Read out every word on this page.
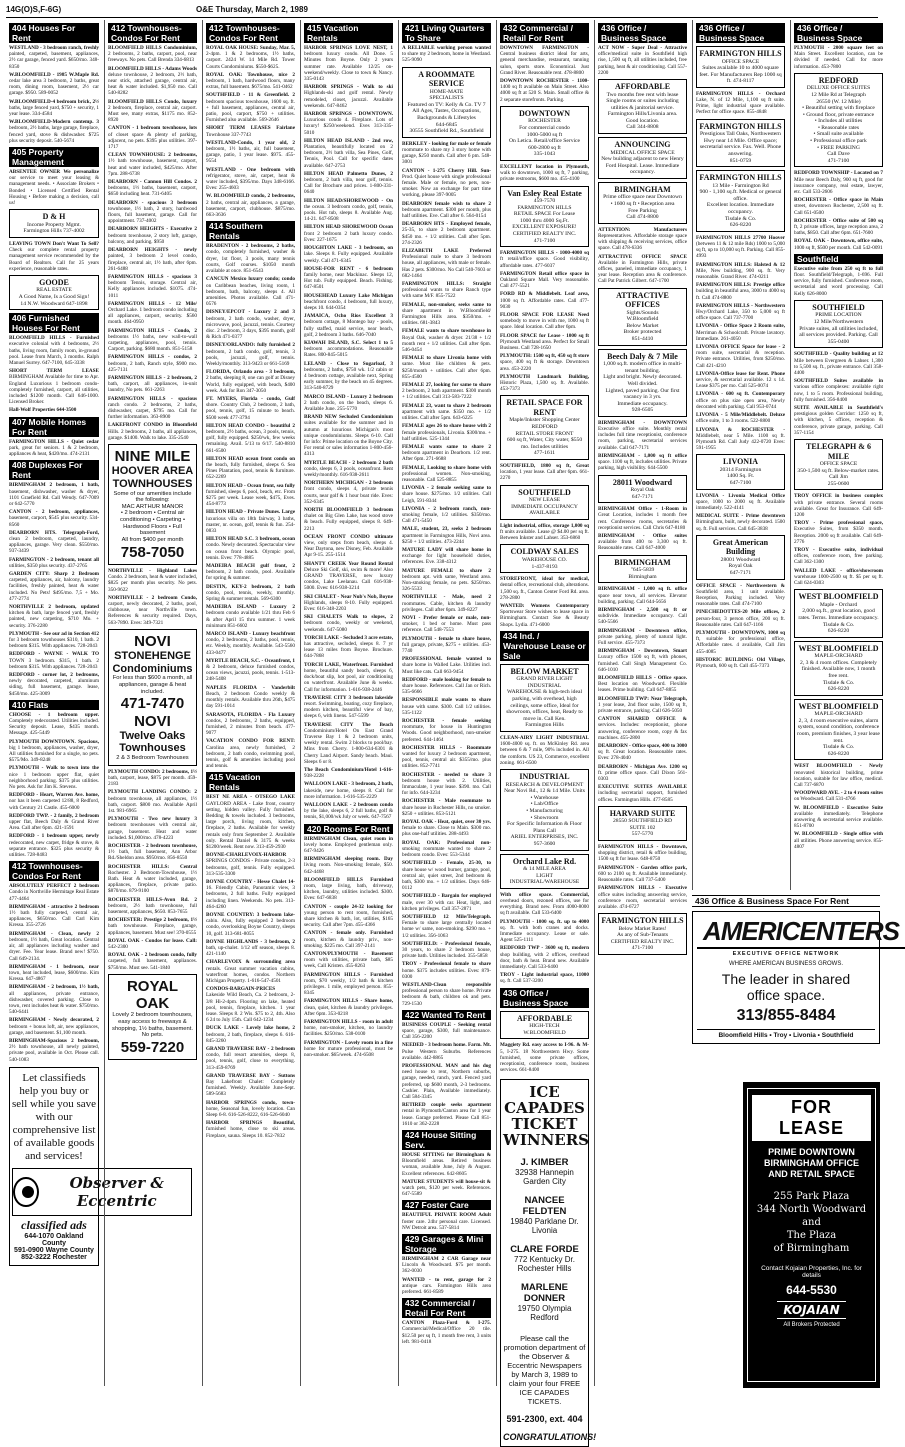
14G(O)S,F-6G)	O&E Thursday, March 2, 1989
404 Houses For Rent
WESTLAND - 3 bedroom ranch, freshly painted, carpeted, basement, appliances, 2½ car garage, fenced yard. $650/mo. 348-8350
W.BLOOMFIELD - 1985 W.Maple Rd. cedar lake area 3 bedroom, 2 baths, great room, dining room, basement, 2½ car garage. $950. 589-0052
W.BLOOMFIELD-4 bedroom brick, 2½ baths, large fenced yard, $750 + security, 1 year lease. 334-4584
W.BLOOMFIELD-Modern contemp. 3 bedroom, 2½ baths, large garage, fireplace, fenced yard, stove & dishwasher. $725 plus security deposit. 540-5674
405 Property Management
ABSENTEE OWNER We personalize our service to meet your leasing & management needs. • Associate Brokers • Bonded • Licensed Certified Rental Housing • Before making a decision, call us!
D & H
Income Property Mgmt.
Farmington Hills 737-4002
LEAVING TOWN Don't Want To Sell? Check our complete rental property management service recommended by the Board of Realtors. Call for 25 years experience, reasonable rates.
GOODE
REAL ESTATE
A Good Name, Is a Good Sign!
14 N.W. Woodward 647-1898
406 Furnished Houses For Rent
BLOOMFIELD HILLS - Furnished executive colonial with 4 bedrooms, 2½ baths, living room, family room, in-ground pool. Lease from March, 3 months. Ralph Manuel Surrey. 647-7100, 645-3338
SHORT TERM LEASE BIRMINGHAM Available for time to Apr. England Luxurious 1 bedroom condo-completely furnished, carport, all utilities, included $1200 month. Call 646-1000. Licensed Broker.
Hall-Wolf Properties 644-3500
407 Mobile Homes For Rent
FARMINGTON HILLS - Quiet cedar park, great for seniors. 1 & 2 bedroom, appliances & heat, $420/mo. 474-2131
408 Duplexes For Rent
BIRMINGHAM 2 bedroom, 1 bath, basement, dishwasher, washer & dryer, 1101 Graefield Rd. Call Wendy. 647-7009 or 642-5770
CANTON - 2 bedroom, appliances, basement, carport, $545 plus security. 534-8560
DEARBORN HTS. Telegraph-Ford, clean 2 bedroom, carpeted, laundry, appliances, garage. Very clean. $550/mo. 937-3439
FARMINGTON - 2 bedroom, tenant all utilities, $350 plus security. 437-2765
GARDEN CITY: Sharp 2 Bedroom carpeted, appliances, air, balcony, laundry facilities, freshly painted, heat & water included. No Pets! $495/mo. 7,5 + Mo. 477-2774
NORTHVILLE 2 bedroom, updated kitchen & bath, large fenced yard, freshly painted, new carpeting, $710 Mo. + security. 376-2280
PLYMOUTH - See our ad in Section 412 for 3 bedroom townhouses $310, 1 bath. 2 bedroom $315. With appliances. 728-2043
REDFORD - WAYNE - WALK TO TOWN 3 bedroom. $315, 1 bath. 2 bedroom $315. With appliances. 728-2043
REDFORD - corner lot, 2 bedrooms, newly decorated, carpeted, aluminum siding, full basement, garage. lease, $450/mo. 425-3009
410 Flats
CHOOSE - 1 bedroom upper. Completely redecorated. Utilities included. Security deposit. Lease, $435 month. Message. 425-5449
PLYMOUTH DOWNTOWN. Spacious, big 1 bedroom, appliances, washer, dryer, All utilities furnished for a single, no pets. $575/Mo. 349-8248
PLYMOUTH - Walk to town into the nice 1 bedroom upper flat, quiet neighborhood parking. $375 plus utilities. No pets. Ask for Jim K. Stevens.
REDFORD - Heart, Warren Ave. home, nor has it been carpeted 12/88, 8 Redford, with Century 21 Castle. 455-6000
REDFORD TWP. - 2 family, 2 bedroom upper flat, Beech Daly & Grand River Area. Call after 6pm. 421-1591
REDFORD - 1 bedroom upper, newly redecorated, new carpet, fridge & stove, & separate entrance. $325 plus security & utilities. 728-8483
412 Townhouses-Condos For Rent
ABSOLUTELY PERFECT 2 bedroom Condo in Northville Hermitage Real Estate 477-4464
BIRMINGHAM - attractive 2 bedroom 1½ bath fully carpeted, central air, appliances, $650/mo. Call Carl Kim Kressa. 355-2726
BIRMINGHAM - Clean, newly 2 bedroom, 1½ bath, Great location. Central air, all appliances including washer and dryer. Fee. Year lease. Brand new! $750. Call 649-2134.
BIRMINGHAM - 1 bedroom, near town, heat included, lease, $600/mo. Kim Kressa. 647-4867
BIRMINGHAM - 2 bedroom, 1½ bath, all appliances, private entrance, dishwasher, covered parking. Close to town, rent includes heat & water. $750/mo. 540-6441
BIRMINGHAM - Newly decorated, 2 bedroom + bonus loft, air, new appliances, garage, and basement. $1,100 month.
BIRMINGHAM-Spacious 2 bedroom, 2½ bath townhouse, all newly painted, private pool, available in Oct. Please call. 540-1083
Let classifieds help you buy or sell while you save with our comprehensive list of available goods and services!
Observer & Eccentric
classified ads
644-1070 Oakland County
591-0900 Wayne County
852-3222 Rochester
412 Townhouses-Condos For Rent
BLOOMFIELD HILLS Condominium, 2 bedrooms, 2 baths, carport, pool, near freeways. No pets. Call Brenda 334-6813
BLOOMFIELD HILLS - Adams Woods deluxe townhouse, 2 bedroom, 2½ bath, near stick, attached garage, central air, heat & water included. $1,950 mo. Call 540-8282
BLOOMFIELD HILLS Condo, luxury 2 bedroom, fireplace, central air, carport. Must see, many extras, $1175 mo. 852-8920
CANTON - 1 bedroom townhouse, lots of closet space & plenty of parking, adjacent, no pets. $395 plus utilities. 397-1717
CLEAN TOWNHOUSE: 2 bedrooms, 1½ bath townhouse, basement, carport, heat and water included, $425/mo. After 7pm. 288-6738
DEARBORN - Cannon Hill Condos. 2 bedrooms, 1½ baths, basement, carport, $650 including heat. 731-6405
DEARBORN - spacious 3 bedroom townhouse, 1½ bath, 2 story, hardwood floors, full basement, garage. Call for appointment. 737-4002
DEARBORN HEIGHTS - Executive 2 bedroom townhouse, 2 story loft, garage, balcony, and parking. $950
DEARBORN HEIGHTS - newly painted, 3 bedroom 2 level condo, fireplace, central air, 1½ bath, after 6pm. 261-6488
FARMINGTON HILLS - spacious 3 bedroom Tennis, storage. Central air, Kelly appliances included. $1075. 474-1011
FARMINGTON HILLS - 12 Mile/ Orchard Lake. 1 bedroom condo including all appliances, carport, security. $560 month. 464-0950
FARMINGTON HILLS - Condo, 2 bedrooms 1½ baths, new wall-to-wall carpeting, appliances, pool, tennis. Carport, parking. $680 month. 851-5158
FARMINGTON HILLS - condos, 2 bedroom, 2 bath, Ranch style, $900 mo. 425-7131
FARMINGTON HILLS - 2 bedroom, 2 bath, carport, all appliances, in-unit laundry, No pets. 661-2263
FARMINGTON HILLS - spacious ranch condo. 2 bedrooms, 2 baths, dishwasher, carpet, $795 mo. Call for further information. 363-8900
LAKEFRONT CONDO in Bloomfield Hills. 2 bedrooms, 2 baths, all appliances, garage. $1400. Walk to lake. 335-2540
NINE MILE
HOOVER AREA
TOWNHOUSES
Some of our amenities include the following:
MAC ARTHUR MANOR
• 2 bedroom • Central air conditioning • Carpeting • Hardwood Floors • Full basement
All from $400 per month
758-7050
NORTHVILLE - Highland Lakes Condo. 2 bedroom, heat & water included, $825 per month plus security. No pets. 350-9622
NORTHVILLE - 2 bedroom Condo, carport, newly decorated, 2 baths, pool, clubhouse, near Northville town. References & security required. Days, 563-7890. Eves: 349-7321
NOVI
STONEHENGE
Condominiums
For less than $600 a month, all appliances, garage & heat included.
471-7470
NOVI
Twelve Oaks
Townhouses
2 & 3 Bedroom Townhouses
PLYMOUTH CONDO: 2 bedrooms, 1½ bath, carport, lease, $875 per month. 459-2183
PLYMOUTH LANDING CONDO: 2 bedroom townhouse, all appliances, 1½ bath, carport. $800 mo. Available April 1st. 981-6965
PLYMOUTH - Two new luxury 3 bedroom townhouses with central air, garage, basement. Heat and water included. $1,000/mo. 478-4223
ROCHESTER - 2 bedroom townhouse, 1½ bath, full basement, Ann Arbor Rd./Sheldon area. $950/mo. 856-8550
ROCHESTER HILLS: Central Rochester. 2 Bedroom-Townhouse, 1½ Bath. Heat & water included, garage, appliances, fireplace, private patio. $870/mo. 879-9100
ROCHESTER HILLS-Avon Rd. 2 bedroom, 2½ bath townhouse, full basement, appliances, $650. 853-7655
ROCHESTER: Prestige 2 bedroom, 1½ bath townhouse. Fireplace, garage, appliances, basement. Must see! 370-0555
ROYAL OAK - Condos for lease. Call: 542-2300
ROYAL OAK - 2 bedroom condo, fully carpeted, full basement, appliances. $750/mo. Must see. 541-1840
ROYAL OAK
Lovely 2 bedroom townhouses, easy access to freeways & shopping, 1½ baths, basement. No pets.
559-7220
412 Townhouses-Condos For Rent
ROYAL OAK HOUSE: Sunday, Mar. 5, 2-4pm. 1 & 2 bedrooms, 1½ baths, carport. 2424 W. 14 Mile Rd. Tower Courts Condominiums. $550-$625.
ROYAL OAK: Townhouse, nice 2 bedroom, 1 bath, hardwood floors, many extras, full basement. $675/mo. 541-0462
SOUTHFIELD - 11 & Greenfield. 2 bedroom spacious townhouse, 1600 sq. ft. + full basement, appliances, central air, patio, pool, carport, $750 + utilities. Furnished also available. 569-2646
SHORT TERM LEASES Fairlane Townhouse 337-7743
WESTLAND-Condo, 1 year old, 2 bedroom, 1½ baths, air, full basement, garage, patio, 1 year lease. $975. 455-9554
WESTLAND - One bedroom with refrigerator, stove, air, carpet, heat & water included, $395/mo. Days 348-6166. Eves: 255-4603
W. BLOOMFIELD condo, 2 bedrooms, 2 baths, central air, appliances, a garage, basement, carport, clubhouse. $875/mo. 663-3636
414 Southern Rentals
BRADENTON - 2 bedrooms, 2 baths, condo, completely furnished, washer & dryer, 1st floor, 3 pools, many tennis courts, Golf courses. $1050 month available at once. 851-6543
CANCUN Mexico luxury condo; condo on Caribbean beaches, living room, 1 bedroom, bath, balcony, sleeps 4. All amenities. Photos available. Call 471-0576
DISNEY/EPCOT - Luxury 2 and 3 bedroom, 2 bath condo, washer, dryer, microwave, pool, jacuzzi, tennis. Courtesy disc. 2 bedroom, 3 days, $395 month, golf & Rich 471-0377
DISNEY/ORLANDO: fully furnished 2 bedroom, 2 bath condo, golf, tennis, 3 pools, jacuzzi, golf, tennis. Weekly/monthly. 313-9423 or 661-5169
FLORIDA, Orlando area - 3 bedroom, 2 baths, sleeping 8, one can golf at Disney World, fully equipped, with beach, $400 week. Ask for Ron 347-3050
FT. MYERS, Florida - condo, Gulf shore. Country Club, 2 bedroom, 2 bath, pool, tennis, golf, 15 minute to beach. $500 week 477-3794
HILTON HEAD CONDO - beautiful 2 bedroom, 2½ baths, ocean, 3 pools, tennis, golf, fully equipped. $250/wk, few weeks remaining. Avail. 5/13 to 6/17. 540-8810 661-6500
HILTON HEAD ocean front condo on the beach, fully furnished, sleeps 6. Sea Pines Plantation, pool, tennis & furniture. 652-2269
HILTON HEAD - Ocean front, sea fully furnished, sleeps 6, pool, beach, etc. From $275 per week. Lease week, $475, Eves. 454-8773
HILTON HEAD - Private Dunes. Large luxurious villa on 18th fairway, 3 baths, master, nr. ocean, golf, tennis & fun. 254-0833
HILTON HEAD S.C. 3 bedroom, ocean condo. Newly decorated. Spectacular view on ocean front beach. Olympic pool, tennis. Eves: 778-4885
MADEIRA BEACH gulf front, 2 bedroom, 2 bath condo, pool. Available for spring & summer.
DESTIN, KEY-2 bedroom, 2 bath condo, pool, tennis, weekly, monthly. Spring & summer rentals. 569-6300
MADEIRA ISLAND - Luxury 2 bedroom condo available 1/21 thru Feb 6 & after April 15 thru summer. 1 week minimum 851-6602
MARCO ISLAND - Luxury beachfront condo, 2 bedrooms, 2 baths, pool, tennis, etc. Weekly, monthly. Available. 543-5560 433-0477
MYRTLE BEACH, S.C. - Oceanfront, 1 & 2 bedroom, deluxe furnished condos, ocean views, jacuzzi, pools, tennis. 1-513-248-5408
NAPLES FLORIDA - Vanderbilt Beach, 2 bedroom Condo weekly & monthly rentals. Available thru 26th, $475 day 591-1014
SARASOTA, FLORIDA - Fla Luxury condos, 2 bedrooms, 2 baths, equipped, furnished, 2 minutes from beach. 477-9077
VACATION CONDO FOR RENT: Carolina area, newly furnished, 2 bedroom, 2 bath condo, swimming pool, tennis, golf & amenities including pool and tennis.
415 Vacation Rentals
BEST NE AREA - OTSEGO LAKE GAYLORD AREA - Lake front, country setting, hidden valley. Fully furnished. Bedding & towels included. 3 bedrooms, large porch, living room, kitchen, fireplace, 2 baths. Available for weekly rentals only from September 2. Available only. Rental Daniel & 3175 & weeks $1200/week. Rent now. 313-459-2930
BOYNE-CHARLEVOIX-HARBOR SPRINGS CONDOS - Private condos, 2-3 bedrooms, golf, tennis. Fully equipped. 313-535-3300
BOYNE COUNTRY - Hesse Chalet 14-16. Friendly Cabin, Panoramic view, 3 bedrooms, 2 full baths. Fully equipped including linen. Weekends. No pets. 313-464-4260
BOYNE COUNTRY: 3 bedroom lake-cabin. Also, fully equipped 2 bedroom condo, overlooking Boyne Country, sleeps 10, golf. 313-681-8055
BOYNE HIGHLANDS - 3 bedroom, 2 bath, up-chalet. 1/12 off season, sleeps 8. 421-1140
CHARLEVOIX & surrounding area rentals. Great summer vacation cabins, waterfront homes, condos. Northern Michigan Property. 1-616-547-4501
CONDOS-BARGAIN-PRICES Lakeside Wild Beach, Ca. 2 bedroom, 2-3/8 Hi-2-4pm. Flooring on lake, heated pool, tennis, fireplace, kitchen. 1 year lease. Sleeps 8. 2 Wis. $75 to 2, 4th. Also 6 24 to July 15th. Call 642-1234
DUCK LAKE - Lovely lake home, 2 bedroom, 2 bath, fireplace, sleeps 6. 616-845-3260
GRAND TRAVERSE BAY - 2 bedroom condo, full resort amenities, sleeps 8, pool, tennis, golf, close to everything. 313-459-8769
GRAND TRAVERSE BAY - Suttons Bay Lakefront Chalet: Completely furnished. Weekly. Available June-Sept. 589-5683
HARBOR SPRINGS condo, town-home, Seasonal fun, lovely location. Can Sleep 6-8. 616-526-8222, 616-526-6040
HARBOR SPRINGS Beautiful, furnished home, close to ski areas. Fireplace, sauna. Sleeps 10. 852-7832
415 Vacation Rentals
HARBOR SPRINGS LOVE NEST, 1 bedroom luxury condo. All Done. 5 Minutes from Boyne. Only 2 years summer rate. Available 12/25 on-weekend/weekly. Close to town & Nancy. 335-0143
HARBOR SPRINGS - Walk to ski Highlands-ski and golf rental. Newly remodeled, closet, jacuzzi. Available weekends. 647-8462
HARBOR SPRINGS - DOWNTOWN. Luxurious condo 4. Fireplace. Lots of luxury! $250/weekend. Eves 313-335-5010
HILTON HEAD ISLAND - 2nd row, Plantation, beautifully located on 2 bedroom, 2½ bath villa, Sea Pines, Golf, Tennis, Pool. Call for specific dates available. 647-2753
HILTON HEAD Palmetto Dunes, 2 bedroom, 2 bath villa, near golf, tennis. Call for Brochure and prices. 1-800-331-0640
HILTON HEAD/SHOREWOOD - On the ocean. 3 bedroom condo, golf, tennis, pools. Hot tub, sleeps 8. Available Aug. 14-21. 647-8508
HILTON HEAD SHOREWOOD Ocean front 2 bedroom 2 bath luxury condo. Eves: 227-1675
HOUGHTON LAKE - 3 bedroom, on lake. Sleeps 8. Fully equipped. Available weekly. Call 471-6345
HOUSE-FOR RENT - 6 bedroom family home, near Mackinac. Sleeps 12, Hot tub. Fully equipped. Beach. Fishing. 647-8501
HOUSEHEAD Luxury Lake Michigan beachfront condo, 4 bedroom, full luxury, sleeps 10. 644-0354
JAMAICA, Ocho Rios Excellent 3 bedroom cottage, 8 Montego bay - pools, fully staffed, maid service, near beach, golf, 2 bedroom 3 baths. 646-7040
KIAWAH ISLAND, S.C. Select 1 to 5 bedroom accommodations. Reasonable Rates. 800-845-5015
LELAND - Close to Sugarloaf, 3 bedrooms, 2 baths, $750 wk. 1/2 cabin or 4 bedroom cottage, available next, Spring early summer, by the beach on 45 degrees. 313-540-8729
MARCO ISLAND - Luxury 2 bedroom 2 bath condo, on the beach, sleeps 6. Available June. 255-5770
BRAND NEW Secluded Condominium suites available for the summer and in autumn at luxurious Michigan's most unique condominiums. Sleeps 6-10. Call for info: Prime location on the Boyne City. For rental or sales information 1-800-456-4313
MYRTLE BEACH - 2 bedroom 2 bath condo, sleeps 6, 3 pools, oceanfront. Rent weekly/monthly. 616-938-2611
NORTHERN MICHIGAN - 2 bedroom front condo, sleeps 4, private tennis courts, near golf & 1 hour boat ride. Eves: 352-6345
NORTH BLOOMFIELD 3 bedroom chalet on Big Glen Lake, has wood stove & beach. Fully equipped, sleeps 8. 649-2213
OCEAN FRONT CONDO ultimate view, only steps from beach, sleeps 4. Near Daytona, new Disney, Feb. Available Apr 9-15. 255-1514
SHANTY CREEK Year Round Rental Deluxe Ski Golf, ski, swim & more! Also GRAND TRAVERSE, new luxury condos, Lake Leelanau. Call 616-938-5000. Eves: 616-938-3214
SKI CHALET - Near Nub's Nob, Boyne Highlands, sleeps 8-10. Fully equipped. Eves: 616-348-2203
SKI CHALETS Walk to slopes, 2 bedroom condo, weekly or weekend, weekends. 647-5080
TORCH LAKE - Secluded 3 acre estate, has attractive, secluded, sleeps 8. 7 yr lease 13 miles from Boyne. Brochure. 644-7868
TORCH LAKE, Waterfront. Furnished home, beautiful sandy beach, sleeps 6, dock/boat slip, hot pool, air conditioning on waterfront. Available June & weeks. Call for information. 1-616-938-2446
TRAVERSE CITY 3 bedroom lakeside resort. Swimming, boating, cozy fireplace, modern kitchen, beautiful view of bay, sleeps 6, with linens. 547-5599
TRAVERSE CITY The Beach Condominium/Hotel On East Grand Traverse Bay 1 & 2 bedroom units, weekly rental. Swim 2 blocks to pool/bay. Mins from Cherry. 1-800-634-6301 & Cherry Land Airport. Sandy beach. Maui. Sleeps 6 or 8.
The Beach Condominium/Hotel 1-616-938-2228
WALLOON LAKE - 3 bedroom, 2 bath, lakeside, new home, sleeps 8. Call for more information. 1-616-535-2229
WALLOON LAKE - 2 bedroom condo by the lake, sleeps 6, 2 full baths, golf & tennis, $1,000/wk July or week. 647-7567
420 Rooms For Rent
BIRMINGHAM Clean, quiet room in lovely home. Employed gentleman only. 647-9426
BIRMINGHAM sleeping room. Day living room. Non-smoking female, $50. 642-4468
BLOOMFIELD HILLS Furnished room, large living, bath, driveway, kitchen, laundry, utilities included. $300. Eves: 647-6838
CANTON - couple 24-32 looking for young person to rent room, furnished, share kitchen & bath, lot, utilities, $165 security. Call after 7pm. 455-4366
CANTON - female only. Furnished room, kitchen & laundry priv., non-smoking. $225 mo. Call 397-2141
CANTON/PLYMOUTH - Basement room with utilities, private bath, $85 week, Call Kristen. 455-8263
FARMINGTON HILLS - Furnished room, $70 weekly, 1/2 bath & kitchen privileges. 1 mile, employed person. 855-8345
FARMINGTON HILLS - Share home, clean, quiet, kitchen & laundry privileges. After 6pm. 353-0218
FARMINGTON HILLS - room in adult home, non-smoker, kitchen, no laundry facilities. $250/mo. 538-0100
FARMINGTON - Lovely room in a fine home for mature professional, must be non-smoker. $65/week. 474-6508
421 Living Quarters To Share
A RELIABLE working person wanted to share my 2 bedroom, home in Westland. 525-9090
A ROOMMATE SERVICE
HOME-MATE
SPECIALISTS
Featured on TV: Kelly & Co. TV 7
All Ages, Tastes, Occupations, Backgrounds & Lifestyles
644-6845
30555 Southfield Rd., Southfield
BERKLEY - looking for male or female roommate to share my 3 story home with garage, $250 month. Call after 6 pm. 548-3001
CANTON - 1-275 Cherry Hill. Sun-Prod. Quiet house with single professional female. Male or female, no pets, non-smoker. Now an exchange for part time working, please 397-9005
DEARBORN female wish to share 2 bedroom apartment. $300 per month, plus half utilities. Eve. Call after 6. 564-0154
DEARBORN HTS - Employed female, 25-35, to share 2 bedroom apartment. $450 mo. + 1/2 utilities. Call after 5pm. 274-2326
ELIZABETH LAKE Preferred Professional male to share 3 bedroom house, all appliances, with male or female. Has 2 pets. $300/mo. No Call 540-7603 or 682-1464
FARMINGTON HILLS: Straight professional wants to share Ranch type with same M/F. 855-7522
FEMALE, non-smoker, seeks same to share apartment in W.Bloomfield/ Farmington Hills area. $350/mo. + utilities. 681-3843
FEMALE wants to share townhouse in Royal Oak, washer & dryer. 21/38 + 1/2 month rent + 1/2 utilities. Call after 6pm. 546-0454
FEMALE to share Livonia home with same. Must like children & pets. $250/month + utilities. Call after 6pm. 855-4500
FEMALE 27, looking for same to share 2 bedroom, 2 bath apartment. $300 month + 1/2 utilities. Call 313-583-7222
FEMALE 23, want to share 2 bedroom apartment with same. $350 mo. + 1/2 utilities. Call after 5pm. 643-6225
FEMALE ages 26 to share house with 2 female professionals, Livonia. $300/mo. + half utilities. 525-1344
FEMALE wants same to share 2 bedroom apartment in Dearborn. 1/2 rent. After 6pm. 271-6688
FEMALE, Looking to share home with professional women. Non-smoking, reasonable. Call 525-8855
LIVONIA - 2 female seeking same to share house. $275/mo. 1/2 utilities. Call Leigh, 591-8344
LIVONIA - 2 bedroom ranch, non-smoking female, 1/2 utilities. $350/mo. Call 471-5450
MALE, student, 23, seeks 2 bedroom apartment in Farmington Hills, Novi area. $250 + 1/2 utilities. 473-2244
MATURE LADY will share home in exchange for light household duties, references. Eve. 338-4312
MATURE FEMALE to share 2 bedroom apt. with same, Westland area. Non-smoking female, no pets. $250/mo. 326-5533
NORTHVILLE - Male, need 2 roommates. Cable, kitchen & laundry privileges. Call after 6pm. 349-8227
NOVI - Prefer female or male, non-smoker, 1 bed or home. Must pass reference. Call 548-7553
PLYMOUTH - female to share house, full garage, private, $275 + utilities. 453-7740
PROFESSIONAL female wanted to share home in Walled Lake. Utilities incl. Must like cats. Call 663-9454
REDFORD - male looking for female to share house. References. Call Jan or Rich. 535-6666
RESPONSIBLE male wants to share house with same. $300. Call 1/2 utilities. 535-1122
ROCHESTER - female seeking roommate, for house in Huntington Woods. Good neighborhood, non-smoker preferred. 644-1464
ROCHESTER HILLS - Roommate wanted for luxury 2 bedroom apartment, pool, tennis, central air. $355/mo. plus utilities. 852-7741
ROCHESTER - needed to share 3 bedroom house with 2. Utilities, Immaculate, 1 year lease. $390. mo. Call for info. 644-3234
ROCHESTER - Male roommate to share house in Rochester Hills, no smoker. $250 + utilities. 853-5121
ROYAL OAK - Heat, quiet, over 30 yrs. female to share. Close to Main. $300 mo. plus one-half utilities. 288-4493
ROYAL OAK: Professional non-smoking roommate wanted to share 2 bedroom condo. Eves: 553-5344
SOUTHFIELD - Female, 25-30, to share house w/ wood burner, garage, pool, central air, quiet street, 2nd bedroom & bath, $300 mo. + 1/2 utilities. Days 646-0112
SOUTHFIELD - Bargain for employed male, over 30 with car. Heat, light, and kitchen privileges. Call 357-2871
SOUTHFIELD 12 Mile/Telegraph. Female to share large centrally located home w/ same, non-smoking. $290 mo. + 1/2 utilities. 356-1063
SOUTHFIELD: - Professional female, 30 years, to share 2 bedroom house, private bath. Utilities included. 355-5858
TROY - Professional female to share home. $375 includes utilities. Eves: 879-0300
WESTLAND-Clean responsible professional person to share home. Private bedroom & bath, children ok and pets. 729-1530
422 Wanted To Rent
BUSINESS COUPLE - Seeking rental space, garage, $300, full maintenance. Call 356-2200
NEEDED - 3 bedroom home. Farm. Mt. Pulse Western Suburbs. References available. 442-8865
PROFESSIONAL MAN and his dog need house to rent, Northern suburbs, garage, needed, ranch, yard. Fenced yard preferred, up $600 month, 2-3 bedrooms. Cashier. Plain, Available immediately. Call 584-3345
RETIRED couple seeks apartment rental in Plymouth/Canton area for 1 year lease. Garage preferred. Please Call 851-1610 or 362-2228
424 House Sitting Serv.
HOUSE SITTING for Birmingham & Bloomfield areas. Retired business woman, available June, July & August. Excellent references. 642-8605
MATURE STUDENTS will house-sit & watch pets, $120 per week. References. 647-5589
427 Foster Care
BEAUTIFUL PRIVATE ROOM Adult foster care. 24hr personal care. Licensed. NW Detroit area. 537-5814
429 Garages & Mini Storage
BIRMINGHAM 2 CAR Garage near Lincoln & Woodward. $75 per month. 362-0030
WANTED - to rent, garage for 2 antique cars. Farmington Hills area preferred. 661-8589
432 Commercial / Retail For Rent
CANTON Plaza-Ford & I-275. Commercial/Medical/Office 20 tile. $12.50 per sq ft, 1 month free rent, 3 units left. 981-0418
432 Commercial / Retail For Rent
DOWNTOWN FARMINGTON - Central business district ideal for arts, general merchandise, restaurant, tanning salon, sports store. Economical. Just Grand River. Reasonable rent. 478-8800
DOWNTOWN ROCHESTER - 1100-1400 sq ft available on Main Street. Also 4000 sq ft at 520 S. Main. Small office & 2 separate storefronts. Parking.
DOWNTOWN
ROCHESTER
For commercial condo
1000-5000 sq ft
On Letica. Retail/office Service
600-2800 sq ft
335-1043
EXCELLENT location in Plymouth, walk to downtown, 1000 sq ft, 7 parking, private restrooms, $600 mo. 455-4100
Van Esley Real Estate
459-7570
FARMINGTON HILLS
RETAIL SPACE For Lease
1000 thru 4000 Sq.Ft.
EXCELLENT EXPOSURE!
CERTIFIED REALTY INC.
471-7100
FARMINGTON HILLS - 1000-4000 sq ft retail/office space. Good visibility, affordable rates. 477-6037
FARMINGTON Retail office space in Oakland Square Mall. Very reasonable. Call 477-5521
FORD RD & Middlebelt. Leaf area, 1000 sq ft. Affordable rates. Call 477-9030
FLOOR SPACE FOR LEASE Need somebody to move in with me, 1000 sq ft space. Ideal location. Call after 6pm.
FLOOR SPACE for Lease - 1000 sq ft Plymouth Westland area. Perfect for Small Business. Call 728-1650
PLYMOUTH: 1500 sq ft, 450 sq ft store space, 400 sq ft & storage. Downtown area. 453-2220
PLYMOUTH Landmark Building, Historic Plaza, 1,500 sq. ft. Available. 453-7373
RETAIL SPACE FOR RENT
Maple/Inkster Shopping Center
REDFORD
RETAIL STORE FRONT
600 sq ft, Water, City water, $550 mo. Includes utilities
477-1611
SOUTHFIELD, 1800 sq ft, Great location, 1 year lease. Call after 6pm. 661-2270
SOUTHFIELD
NEW LEASE
IMMEDIATE OCCUPANCY
AVAILABLE
Light industrial, office, storage 1,000 sq ft units available. Lease @ $4.00 per sq ft. Between Inkster and Lahser. 353-6860
COLDWAY SALES
WAREHOUSE CO.
1-437-8193
STOREFRONT, ideal for medical, dental office, recreational club, alterations. 1,500 sq. ft., Canton Center Ford Rd. area. 278-2800
WANTED: Womens Contemporary Sportswear Store wishes to lease space in Birmingham. Contact Sue & Beauty Shops. Lydia. 471-6000
434 Ind. / Warehouse Lease or Sale
BELOW MARKET
GRAND RIVER LIGHT INDUSTRIAL
WAREHOUSE & high-tech ideal parking, with overhead, high ceilings, some office, Ideal for showroom, offices, heat, Ready to move in. Call Ken.
Farmington Hills
CLEAN-AIRY LIGHT INDUSTRIAL 1600-4000 sq. ft. on McKinley Rd. area between 6 & 7 mile, 90% included in. All the comforts. US 23, Commerce, excellent zoning. 661-6500
INDUSTRIAL
RESEARCH & DEVELOPMENT
Near Novi Rd., 12 & 14 Mile. Units
• Warehouse
• Lab/Office
• Manufacturing
• Showroom
For Specific Information & Floor Plans Call
ARIEL ENTERPRISES, INC.
957-3600
Orchard Lake Rd.
& 14 MILE AREA
LIGHT INDUSTRIAL/WAREHOUSE
With office space. Commercial, overhead doors, rezoned offices, use for everything. Brand new. From 4000-8000 sq ft available. Call 533-6400
PLYMOUTH - 1000 sq. ft. up to 4000 sq. ft. with both cranes and docks. Immediate occupancy. Lease or sale. Agent 525-1111
REDFORD TWP - 3600 sq ft, modern shop building, with 2 offices, overhead door, bath & heat. Brand new. Available immediately. Call 533-6400
TROY - Light industrial space, 11000 sq. ft. Call 537-3200
436 Office / Business Space
AFFORDABLE
HIGH-TECH
W.BLOOMFIELD
Maggiety Rd. easy access to I-96. & M-5, I-275. 18 Northwestern Hwy. Some furnished, some private offices, receptionist, conference room, business services. 661-8400
ICE
CAPADES
TICKET
WINNERS
J. KIMBER
32938 Hannepin
Garden City
NANCEE FELDTEN
19840 Parklane Dr.
Livonia
CLARE FORDE
772 Kentucky Dr.
Rochester Hills
MARLENE DONNER
19750 Olympia
Redford
Please call the promotion department of the Observer & Eccentric Newspapers by March 3, 1989 to claim your four FREE ICE CAPADES TICKETS.
591-2300, ext. 404
CONGRATULATIONS!
436 Office / Business Space
ACT NOW - Super Deal - Attractive office/medical suite in Southfield high rise, 1,500 sq ft, all utilities included, free parking, heat & air conditioning. Call 557-2200
AFFORDABLE
Two months free rent with lease
Single rooms or suites including utilities & janitorial service. Farmington Hills/Livonia area. Good location.
Call 344-8808
ANNOUNCING
MEDICAL OFFICE SPACE
New building adjacent to new Henry Ford Hospital. Lease. Immediate occupancy.
BIRMINGHAM
Prime office space near Downtown
• 1600 sq ft • Reception area
Free Parking
Call 474-8800
ATTENTION: Manufacturers Representatives. Affordable storage space with shipping & receiving services, office space. Call 478-6336
ATTRACTIVE OFFICE SPACE Available in Farmington Hills, private offices, paneled, immediate occupancy, 1 year lease. Reception area & conference. Call Pat Patrick Gilbert. 647-1700
ATTRACTIVE OFFICES
Sights/Sounds
W.Bloomfield
Below Market
Broker protected
851-4410
Beech Daly & 7 Mile
1,000 sq.ft. modern office in multi-tenant building.
Light and bright. Newly decorated. Well divided.
Lighted, paved parking. Our first vacancy in 3 yrs.
Immediate occupancy.
928-6505
BIRMINGHAM - DOWNTOWN Executive office suite. Monthly rental includes full time receptionist, conference room, parking, secretarial services available. Call 647-7171
BIRMINGHAM - 1,000 sq ft office space. 1100 sq ft, includes utilities. Private parking, high visibility. 644-5500
28011 Woodward
Royal Oak
647-7171
BIRMINGHAM Office - 1-Room in Great Location, includes 1 month free rent. Conference rooms, secretaries & receptionist services. Call Chris 647-8180
BIRMINGHAM - Office suites available from 400 to 3,300 sq ft. Reasonable rates. Call 647-4000
BIRMINGHAM
"645-5839
Birmingham
BIRMINGHAM - 1,000 sq ft. office space near town, all services. Elevator building, parking. Call 644-5656
BIRMINGHAM - 2,500 sq ft or subdivide. Immediate occupancy. Call 540-5566
BIRMINGHAM - Downtown office, private parking, plenty of natural light. Full service. 455-7373
BIRMINGHAM - Downtown, Smart Luxury office 1500 sq ft, with phones, furnished. Call Singh Management Co. 646-1010
BLOOMFIELD HILLS - Office space. Best location on Woodward. Flexible leases. Prime building. Call 647-8855
BLOOMFIELD TWP: Near Telegraph, 1 year lease, 2nd floor suite, 1500 sq ft, private entrance, parking. Call 626-5050
CANTON SHARED OFFICE & services. Includes: receptionist, phone answering, conference room, copy & fax machines. 455-2800
DEARBORN - Office space, 400 to 3000 sq ft. Great location. Reasonable rates. Eves: 278-4040
DEARBORN - Michigan Ave. 1200 sq ft. prime office space. Call Dixon 561-0303
EXECUTIVE SUITES AVAILABLE including secretarial support, furnished offices. Farmington Hills. 477-8585
HARVARD SUITE
28550 SOUTHFIELD RD
SUITE 102
557-5770
FARMINGTON HILLS - Downtown, shopping district, retail & office building, 1500 sq ft for lease. 648-8750
FARMINGTON - Garden office park, 600 to 2100 sq ft. Available immediately. Reasonable rates. Call 737-5400
FARMINGTON HILLS - Executive office suites including answering service, conference room, secretarial services available. 474-6727
FARMINGTON HILLS
Below Market Rates!
As any of Sub-Tenants
CERTIFIED REALTY INC.
471-7100
436 Office / Business Space
FARMINGTON HILLS
OFFICE SPACE
Suites available 10 to 4000 square feet. For Manufacturers Rep 1000 sq ft. 474-8117
FARMINGTON HILLS - Orchard Lake, N. of 12 Mile, 1,100 sq ft suite. Prime, light industrial space available. Perfect for office space. 855-4848
FARMINGTON HILLS
Prestigious Tall Oaks, Northwestern Hwy near 14 Mile. Office space; secretarial service. Fax. Well. Phone answering.
851-0759
FARMINGTON HILLS
13 Mile - Farmington Rd
900 - 1,100 sq.ft. Medical or general office.
Excellent location. Immediate occupancy.
Tisdale & Co.
626-8220
FARMINGTON HILLS 27700 Hoover (between 11 & 12 mile Rds) 1000 to 5,000 sq ft, up to 10,000 sq ft. Parking. Call 855-4993
FARMINGTON HILLS: Halsted & 12 Mile, New building, 900 sq. ft. Very reasonable. Grand River. 474-0211
FARMINGTON HILLS: Prestige office building in beautiful area, 3000 to 4000 sq ft. Call 474-8800
FARMINGTON HILLS - Northwestern Hwy/Orchard Lake, 350 to 5,000 sq ft office space. Call 737-7700
LIVONIA - Office Space 2 Room suite, Merriman & Schoolcraft. Private lavatory. Immediate. 261-4050
LIVONIA OFFICE Space for lease - 2 room suite, secretarial & reception. Private entrance. Utilities, from $250/mo. Call 421-4210
LIVONIA-Office lease for Rent. Phone service, & secretarial available. 12 x 14. Lease $375 per mo. Call 525-0074
LIVONIA - 600 sq ft. Contemporary office on plus size open area, Newly decorated with parking. Call 953-0744
LIVONIA - 5 Mile/Middlebelt. Deluxe office suite, 1 to 3 rooms. 522-8800
LIVONIA & ROCHESTER - Middlebelt, near 5 Mile. 1100 sq ft. Plymouth Rd. Call Judy 422-0720 Eves: 591-1955
LIVONIA
20314 Farmington
1400 Sq. Ft.
647-7100
LIVONIA - Livonia Medical Office space, 1000 to 2000 sq ft. Available immediately. 522-4141
MEDICAL SUITE - Prime downtown Birmingham, built, newly decorated. 1500 sq. ft. Full services. Call 645-3838
Great American Building
28001 Woodward
Royal Oak
647-7171
OFFICE SPACE - Northwestern & Southfield area, 1 unit available. Reception, Parking included. Very reasonable rates. Call 474-7100
PINECHEDOTTES-20 Mile offices, 2 person-four, 3 person office, 200 sq ft. Reasonable rates. Call 647-1166
PLYMOUTH - DOWNTOWN, 1000 sq ft, suitable for professional office, Affordable rates. 4 available, Call Jim 455-4085
HISTORIC BUILDING: Old Village, Plymouth, 600 sq ft. Call 455-7373
436 Office / Business Space
PLYMOUTH - 2000 square feet on Main Street. Excellent location, can be divided if needed. Call for more information. 453-7800
REDFORD
DELUXE OFFICE SUITES
12 Mile Rd at Telegraph
26550 (W. 12 Mile)
• Beautiful setting with fireplace
• Ground floor, private entrance
• Includes all utilities
• Reasonable rates
• Small suite available
• Professional office park
• FREE PARKING
Call Dave
471-7100
REDFORD TOWNSHIP - Located on 7 Mile near Beech Daly, 900 sq ft, good for insurance company, real estate, lawyer, etc. Call 533-2606
ROCHESTER - Office space in Main street, downtown Rochester, 2,500 sq ft. Call 651-0500
ROCHESTER - Office suite of 500 sq ft, 2 private offices, large reception area, 2 baths, $850. Call after 6pm. 651-7600
ROYAL OAK - Downtown, office suite, 1000 sq ft, $500 per month. Call 542-0091
Southfield
Executive suite from 250 sq ft to full floor. Southfield/Telegraph, 1-696. Full service, fully furnished. Conference room, secretarial and word processing. Call Kelly 626-8000
SOUTHFIELD
PRIME LOCATION
12 Mile/Northwestern
Private suites, all utilities included, all services provided. Parking. Call 355-0400
SOUTHFIELD - Quality building at 12 Mile between Evergreen & Lahser. 1,300 to 5,500 sq. ft., private entrance. Call 358-4400
SOUTHFIELD Suites available in various office complexes: available right now, 1 to 5 room. Professional building, fully furnished. 356-8400
SUITE AVAILABLE in Southfield's prestigious golden Corridor: 1250 sq ft, with kitchen, 5 offices, reception & conference, private garage, parking. Call 357-1154
TELEGRAPH & 6 MILE
OFFICE SPACE
350-1,500 sq ft. Below-market rates.
Call Jim
255-0600
TROY OFFICE in business complex with private entrance. Several rooms available. Great for Insurance. Call 649-1200
TROY - Prime professional space, Executive Suites, from $350 month. Reception. 2000 sq ft available. Call 649-2776
TROY - Executive suite, individual offices, conference room, free parking. Call 362-1300
WALLED LAKE - office/showroom warehouse 1000-2500 sq ft. $5 per sq ft. Call 624-0303
WEST BLOOMFIELD
Maple - Orchard
2,000 sq.ft., great location, good rates. Terms. Immediate occupancy.
Tisdale & Co.
626-8220
WEST BLOOMFIELD
MAPLE-ORCHARD
2, 3 & 4 room offices. Completely finished. Available now, 1 month free rent.
Tisdale & Co.
626-8220
WEST BLOOMFIELD
MAPLE-ORCHARD
2, 3, 4 room executive suites, alarm system, sound condition, conference room, premium finishes, 3 year lease rent.
Tisdale & Co.
626-8220
WEST BLOOMFIELD - Newly renovated historical building, prime location, suitable for law office, medical. Call 737-6870
WOODWARD AVE. - 2 to 4 room suites on Woodward. Call 531-4766
W. BLOOMFIELD - Executive Suite available immediately. Telephone answering & secretarial service available. 851-8700
W. BLOOMFIELD - Single office with all utilities. Phone answering service. 855-4807
436 Office & Business Space For Rent
AMERICENTERS
EXECUTIVE OFFICE NETWORK
WHERE AMERICAN BUSINESS GROWS.
The leader in shared office space.
313/855-8484
Bloomfield Hills • Troy • Livonia • Southfield
FOR LEASE
PRIME DOWNTOWN
BIRMINGHAM OFFICE
AND RETAIL SPACE
255 Park Plaza
344 North Woodward
and
The Plaza
of Birmingham
Contact Kojaian Properties, Inc. for details
644-5530
KOJAIAN
All Brokers Protected
